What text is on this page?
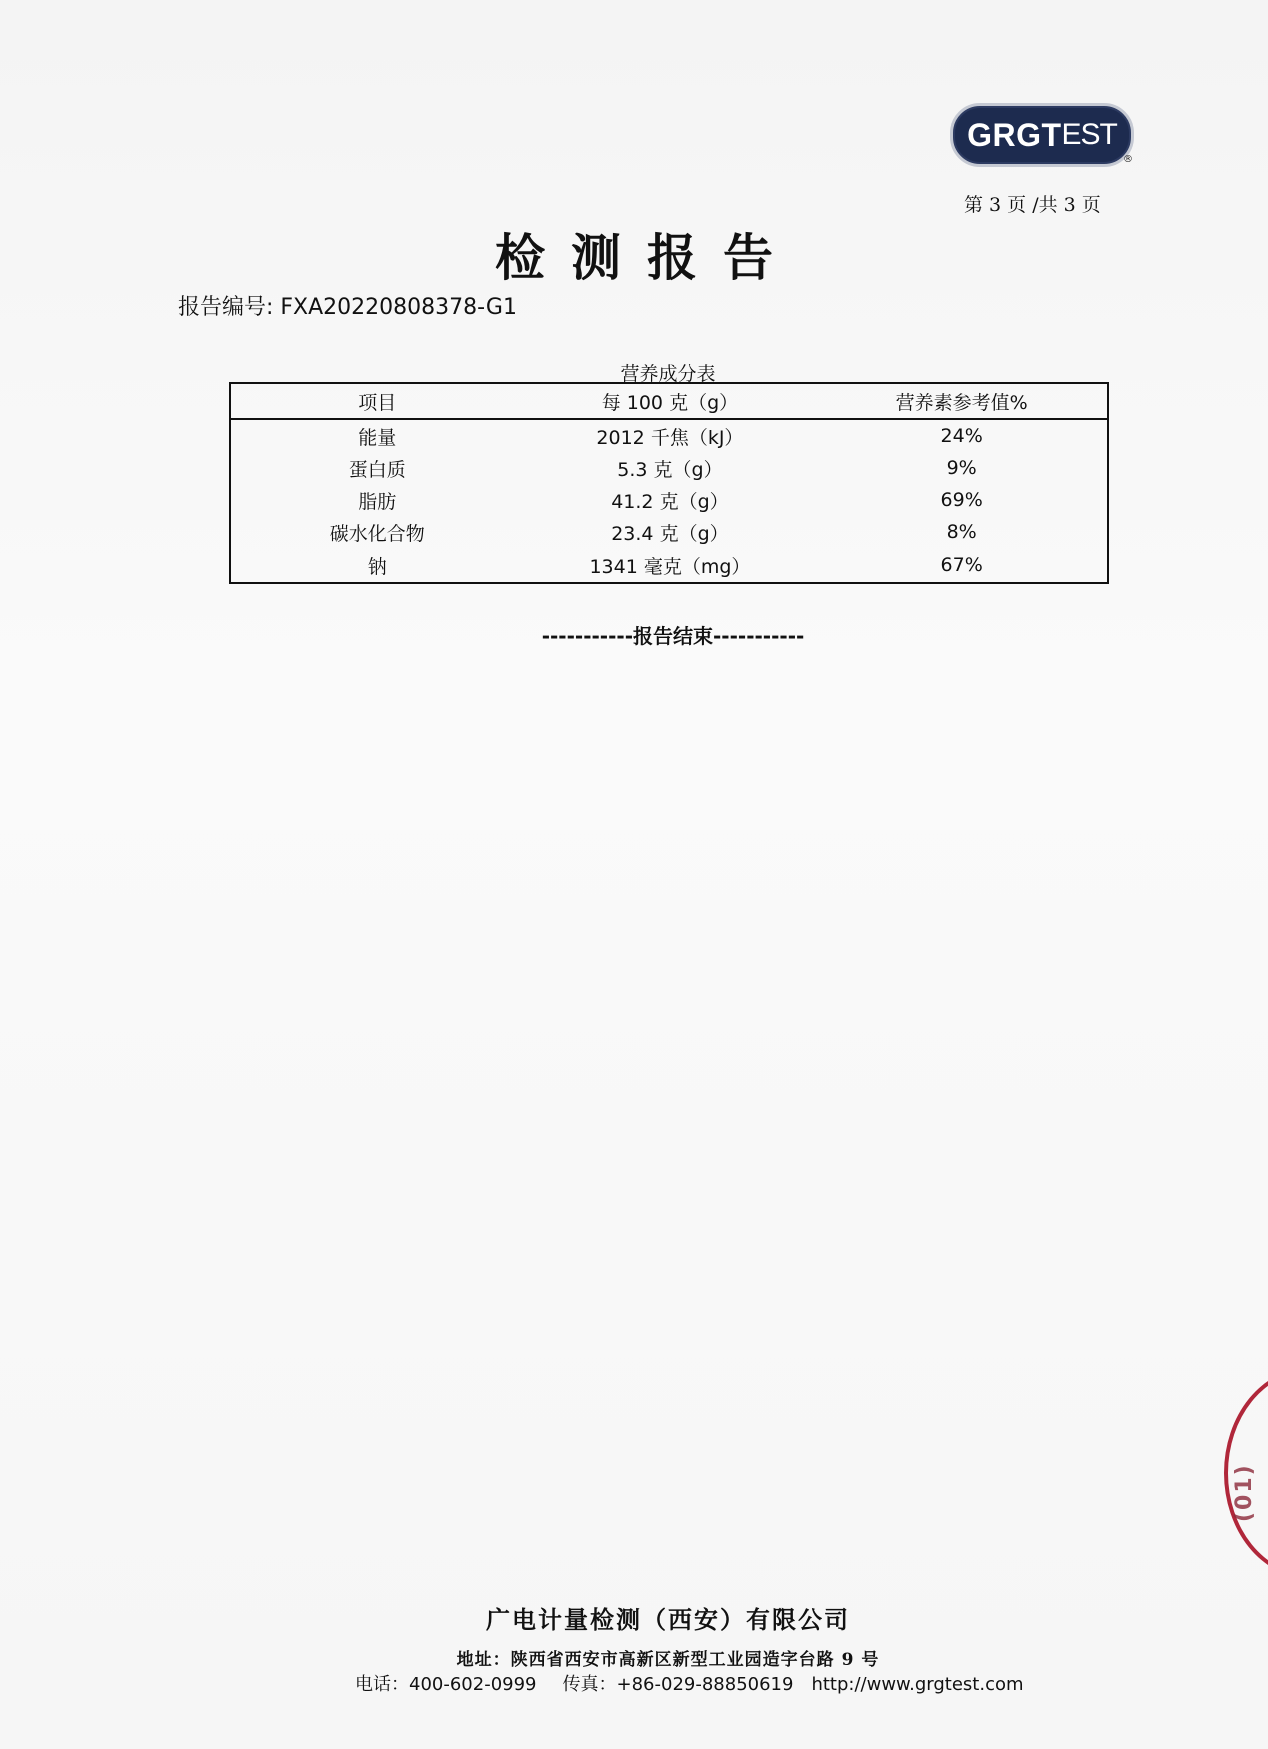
GRGT EST
®
第 3 页 /共 3 页
检测报告
报告编号: FXA20220808378-G1
营养成分表
项目	每 100 克（g）	营养素参考值%
能量	2012 千焦（kJ）	24%
蛋白质	5.3 克（g）	9%
脂肪	41.2 克（g）	69%
碳水化合物	23.4 克（g）	8%
钠	1341 毫克（mg）	67%
-----------报告结束-----------
(01)
广电计量检测（西安）有限公司
地址：陕西省西安市高新区新型工业园造字台路 9 号
电话：400-602-0999 传真：+86-029-88850619 http://www.grgtest.com
